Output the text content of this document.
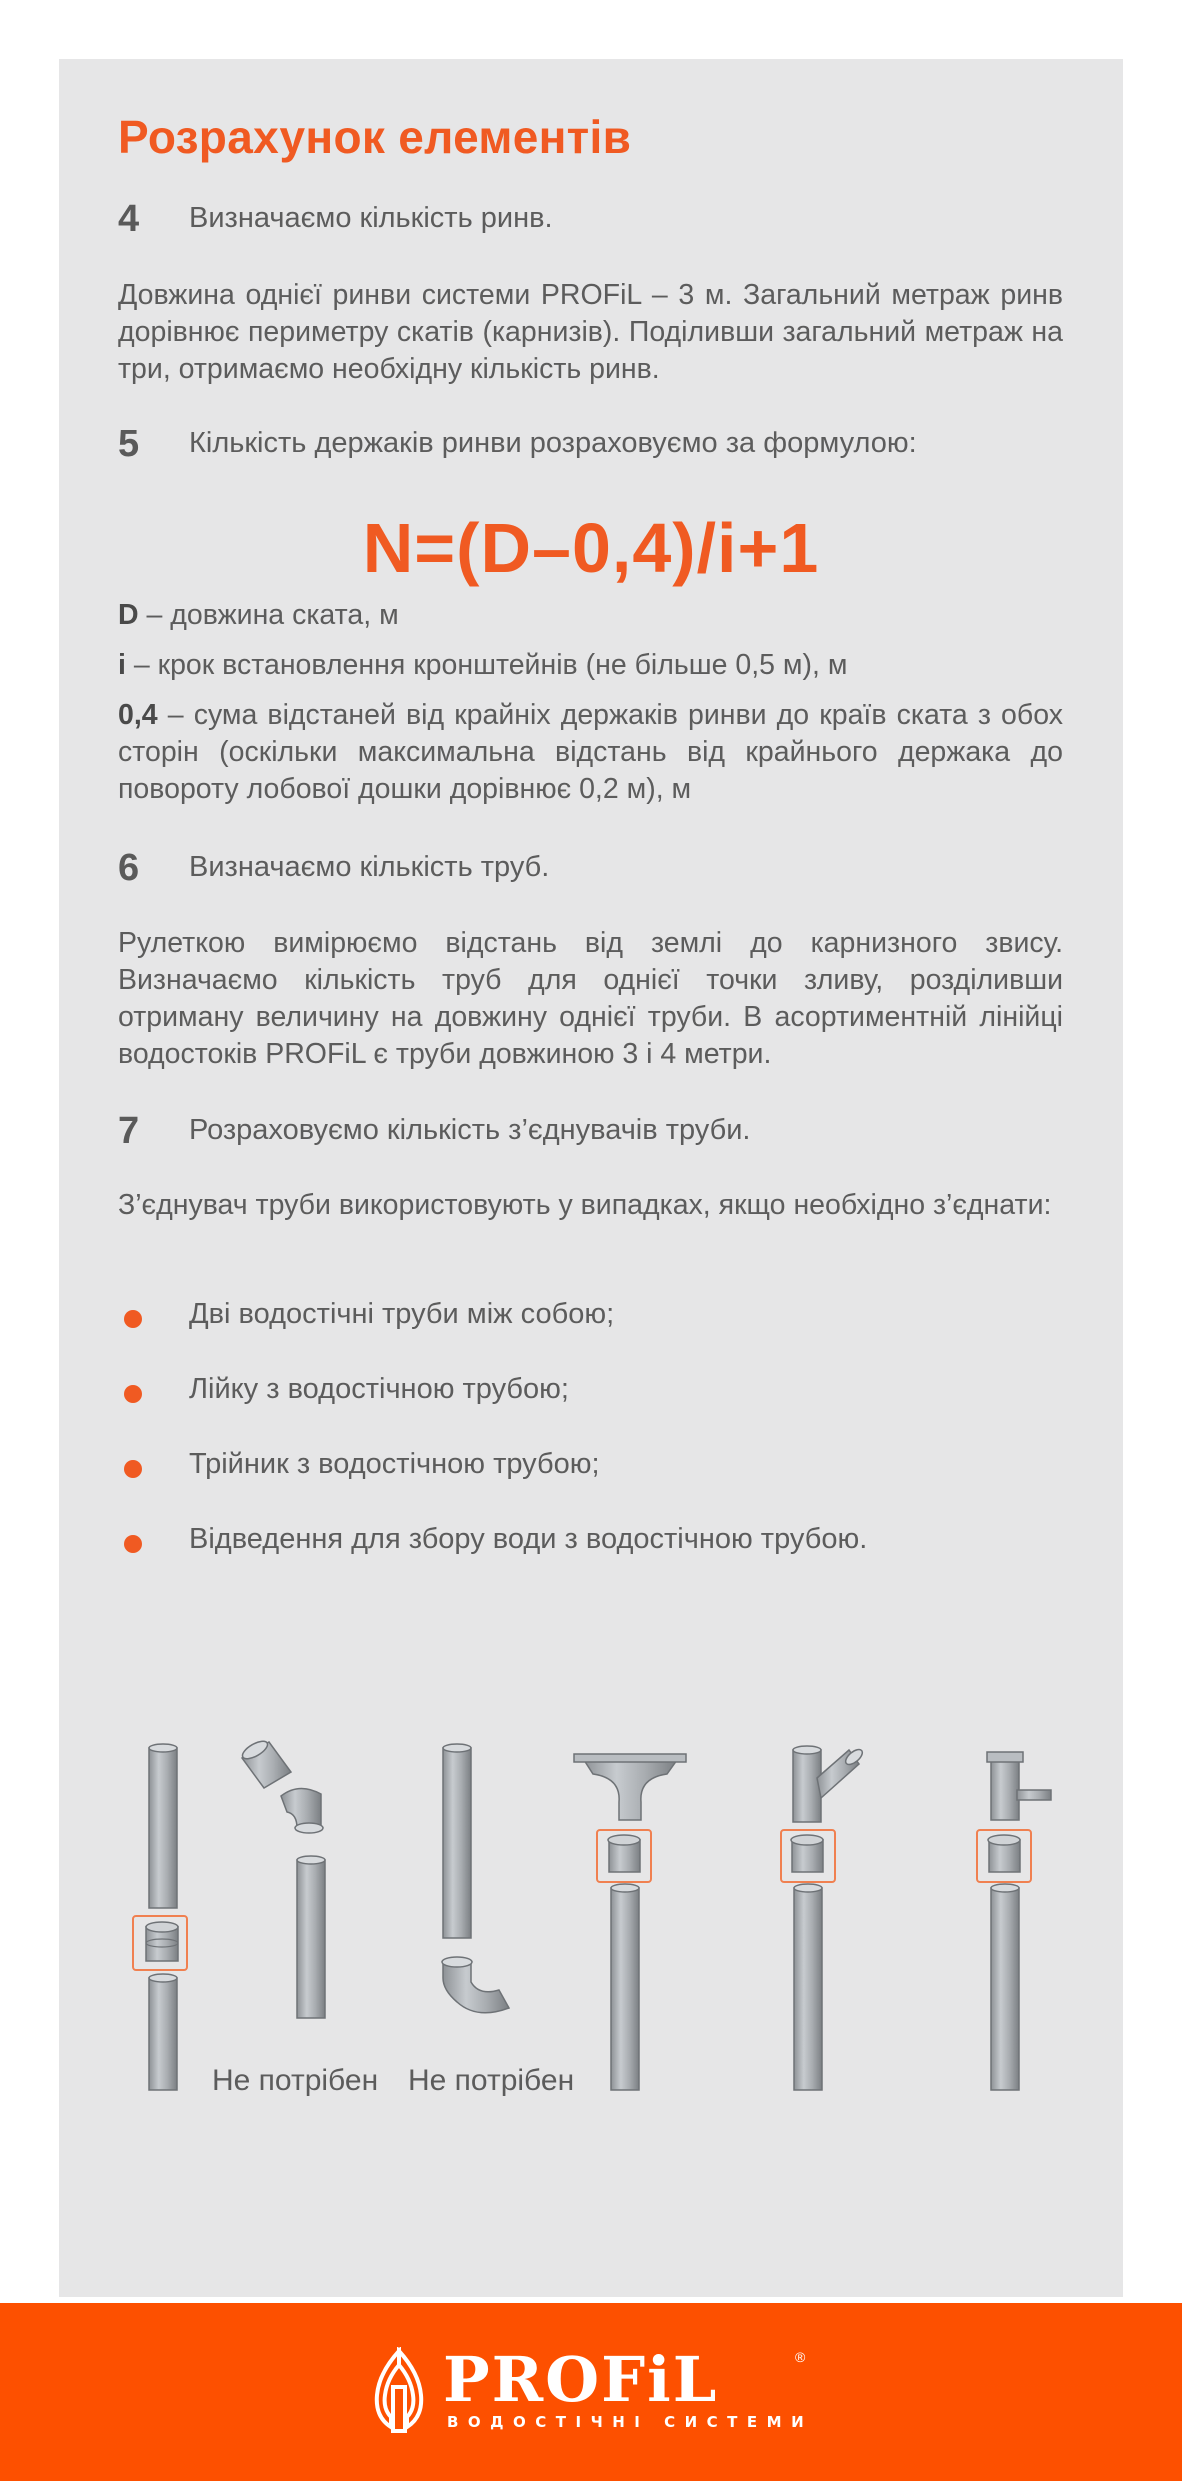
Розрахунок елементів
4 Визначаємо кількість ринв.

Довжина однієї ринви системи PROFiL – 3 м. Загальний метраж ринв дорівнює периметру скатів (карнизів). Поділивши загальний метраж на три, отримаємо необхідну кількість ринв.

5 Кількість держаків ринви розраховуємо за формулою:
N=(D–0,4)/i+1

D – довжина ската, м

i – крок встановлення кронштейнів (не більше 0,5 м), м

0,4 – сума відстаней від крайніх держаків ринви до країв ската з обох сторін (оскільки максимальна відстань від крайнього держака до повороту лобової дошки дорівнює 0,2 м), м

6 Визначаємо кількість труб.

Рулеткою вимірюємо відстань від землі до карнизного звису. Визначаємо кількість труб для однієї точки зливу, розділивши отриману величину на довжину однієї труби. В асортиментній лінійці водостоків PROFiL є труби довжиною 3 і 4 метри.

7 Розраховуємо кількість з’єднувачів труби.

З’єднувач труби використовують у випадках, якщо необхідно з’єднати:

Дві водостічні труби між собою;
Лійку з водостічною трубою;
Трійник з водостічною трубою;
Відведення для збору води з водостічною трубою.
Не потрібен Не потрібен
PROFiL	®
ВОДОСТІЧНІ СИСТЕМИ
